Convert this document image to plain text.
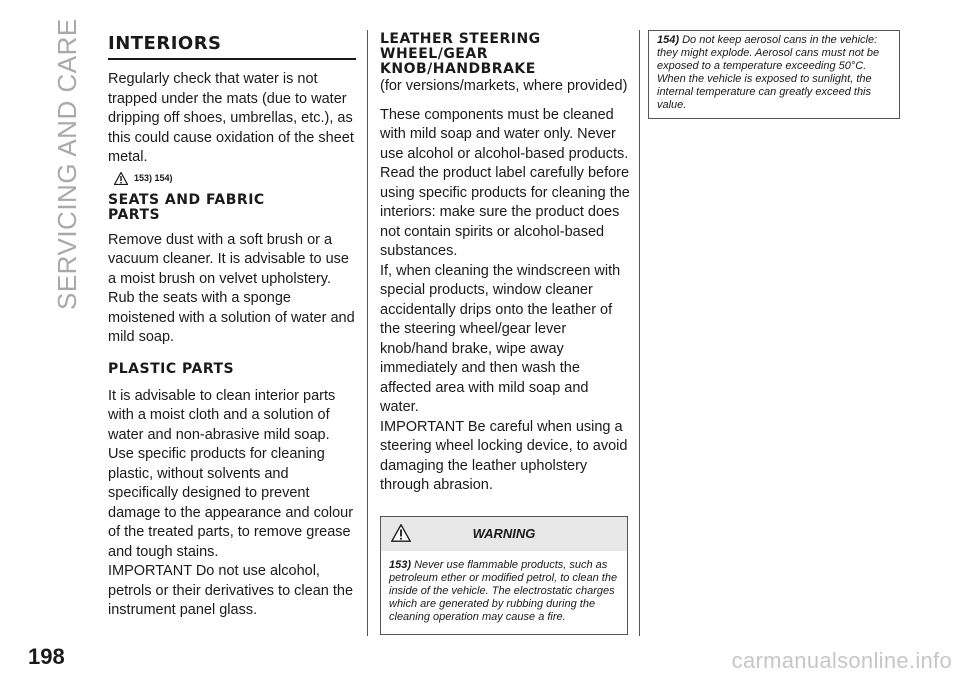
SERVICING AND CARE INTERIORS

Regularly check that water is not trapped under the mats (due to water dripping off shoes, umbrellas, etc.), as this could cause oxidation of the sheet metal.

153) 154)
SEATS AND FABRIC
PARTS

Remove dust with a soft brush or a vacuum cleaner. It is advisable to use a moist brush on velvet upholstery.

Rub the seats with a sponge moistened with a solution of water and mild soap.

PLASTIC PARTS

It is advisable to clean interior parts with a moist cloth and a solution of water and non-abrasive mild soap. Use specific products for cleaning plastic, without solvents and specifically designed to prevent damage to the appearance and colour of the treated parts, to remove grease and tough stains.

IMPORTANT Do not use alcohol, petrols or their derivatives to clean the instrument panel glass.

LEATHER STEERING
WHEEL/GEAR
KNOB/HANDBRAKE

(for versions/markets, where provided)

These components must be cleaned with mild soap and water only. Never use alcohol or alcohol-based products. Read the product label carefully before using specific products for cleaning the interiors: make sure the product does not contain spirits or alcohol-based substances.

If, when cleaning the windscreen with special products, window cleaner accidentally drips onto the leather of the steering wheel/gear lever knob/hand brake, wipe away immediately and then wash the affected area with mild soap and water.

IMPORTANT Be careful when using a steering wheel locking device, to avoid damaging the leather upholstery through abrasion.

WARNING
153) Never use flammable products, such as petroleum ether or modified petrol, to clean the inside of the vehicle. The electrostatic charges which are generated by rubbing during the cleaning operation may cause a fire.
154) Do not keep aerosol cans in the vehicle: they might explode. Aerosol cans must not be exposed to a temperature exceeding 50°C. When the vehicle is exposed to sunlight, the internal temperature can greatly exceed this value.
198	carmanualsonline.info
